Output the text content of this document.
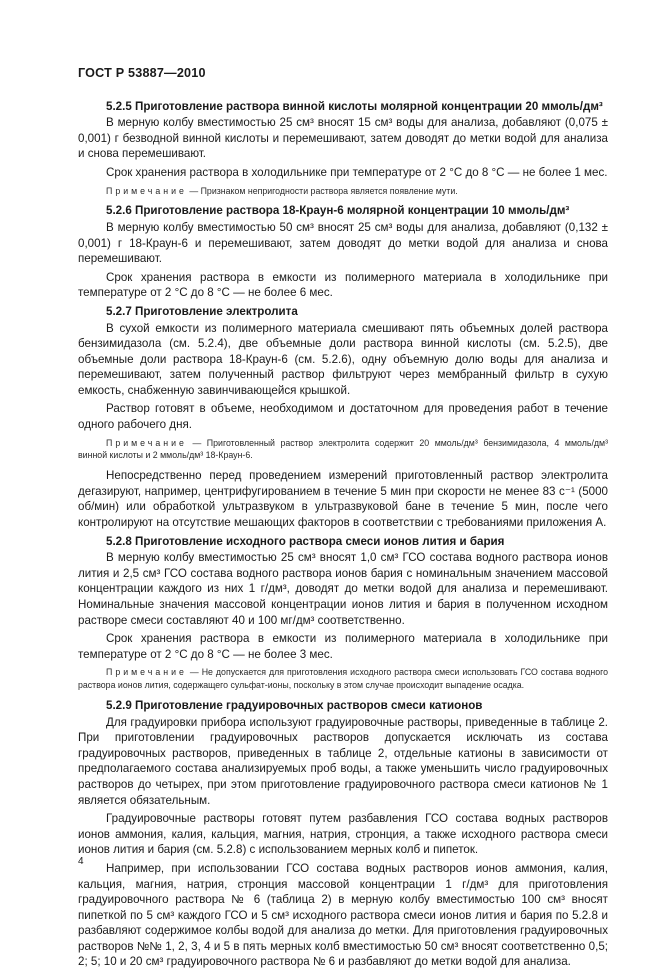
ГОСТ Р 53887—2010
5.2.5 Приготовление раствора винной кислоты молярной концентрации 20 ммоль/дм³
В мерную колбу вместимостью 25 см³ вносят 15 см³ воды для анализа, добавляют (0,075 ± 0,001) г безводной винной кислоты и перемешивают, затем доводят до метки водой для анализа и снова перемешивают.
Срок хранения раствора в холодильнике при температуре от 2 °С до 8 °С — не более 1 мес.
Примечание — Признаком непригодности раствора является появление мути.
5.2.6 Приготовление раствора 18-Краун-6 молярной концентрации 10 ммоль/дм³
В мерную колбу вместимостью 50 см³ вносят 25 см³ воды для анализа, добавляют (0,132 ± 0,001) г 18-Краун-6 и перемешивают, затем доводят до метки водой для анализа и снова перемешивают.
Срок хранения раствора в емкости из полимерного материала в холодильнике при температуре от 2 °С до 8 °С — не более 6 мес.
5.2.7 Приготовление электролита
В сухой емкости из полимерного материала смешивают пять объемных долей раствора бензимидазола (см. 5.2.4), две объемные доли раствора винной кислоты (см. 5.2.5), две объемные доли раствора 18-Краун-6 (см. 5.2.6), одну объемную долю воды для анализа и перемешивают, затем полученный раствор фильтруют через мембранный фильтр в сухую емкость, снабженную завинчивающейся крышкой.
Раствор готовят в объеме, необходимом и достаточном для проведения работ в течение одного рабочего дня.
Примечание — Приготовленный раствор электролита содержит 20 ммоль/дм³ бензимидазола, 4 ммоль/дм³ винной кислоты и 2 ммоль/дм³ 18-Краун-6.
Непосредственно перед проведением измерений приготовленный раствор электролита дегазируют, например, центрифугированием в течение 5 мин при скорости не менее 83 с⁻¹ (5000 об/мин) или обработкой ультразвуком в ультразвуковой бане в течение 5 мин, после чего контролируют на отсутствие мешающих факторов в соответствии с требованиями приложения А.
5.2.8 Приготовление исходного раствора смеси ионов лития и бария
В мерную колбу вместимостью 25 см³ вносят 1,0 см³ ГСО состава водного раствора ионов лития и 2,5 см³ ГСО состава водного раствора ионов бария с номинальным значением массовой концентрации каждого из них 1 г/дм³, доводят до метки водой для анализа и перемешивают. Номинальные значения массовой концентрации ионов лития и бария в полученном исходном растворе смеси составляют 40 и 100 мг/дм³ соответственно.
Срок хранения раствора в емкости из полимерного материала в холодильнике при температуре от 2 °С до 8 °С — не более 3 мес.
Примечание — Не допускается для приготовления исходного раствора смеси использовать ГСО состава водного раствора ионов лития, содержащего сульфат-ионы, поскольку в этом случае происходит выпадение осадка.
5.2.9 Приготовление градуировочных растворов смеси катионов
Для градуировки прибора используют градуировочные растворы, приведенные в таблице 2. При приготовлении градуировочных растворов допускается исключать из состава градуировочных растворов, приведенных в таблице 2, отдельные катионы в зависимости от предполагаемого состава анализируемых проб воды, а также уменьшить число градуировочных растворов до четырех, при этом приготовление градуировочного раствора смеси катионов № 1 является обязательным.
Градуировочные растворы готовят путем разбавления ГСО состава водных растворов ионов аммония, калия, кальция, магния, натрия, стронция, а также исходного раствора смеси ионов лития и бария (см. 5.2.8) с использованием мерных колб и пипеток.
Например, при использовании ГСО состава водных растворов ионов аммония, калия, кальция, магния, натрия, стронция массовой концентрации 1 г/дм³ для приготовления градуировочного раствора № 6 (таблица 2) в мерную колбу вместимостью 100 см³ вносят пипеткой по 5 см³ каждого ГСО и 5 см³ исходного раствора смеси ионов лития и бария по 5.2.8 и разбавляют содержимое колбы водой для анализа до метки. Для приготовления градуировочных растворов №№ 1, 2, 3, 4 и 5 в пять мерных колб вместимостью 50 см³ вносят соответственно 0,5; 2; 5; 10 и 20 см³ градуировочного раствора № 6 и разбавляют до метки водой для анализа.
4
